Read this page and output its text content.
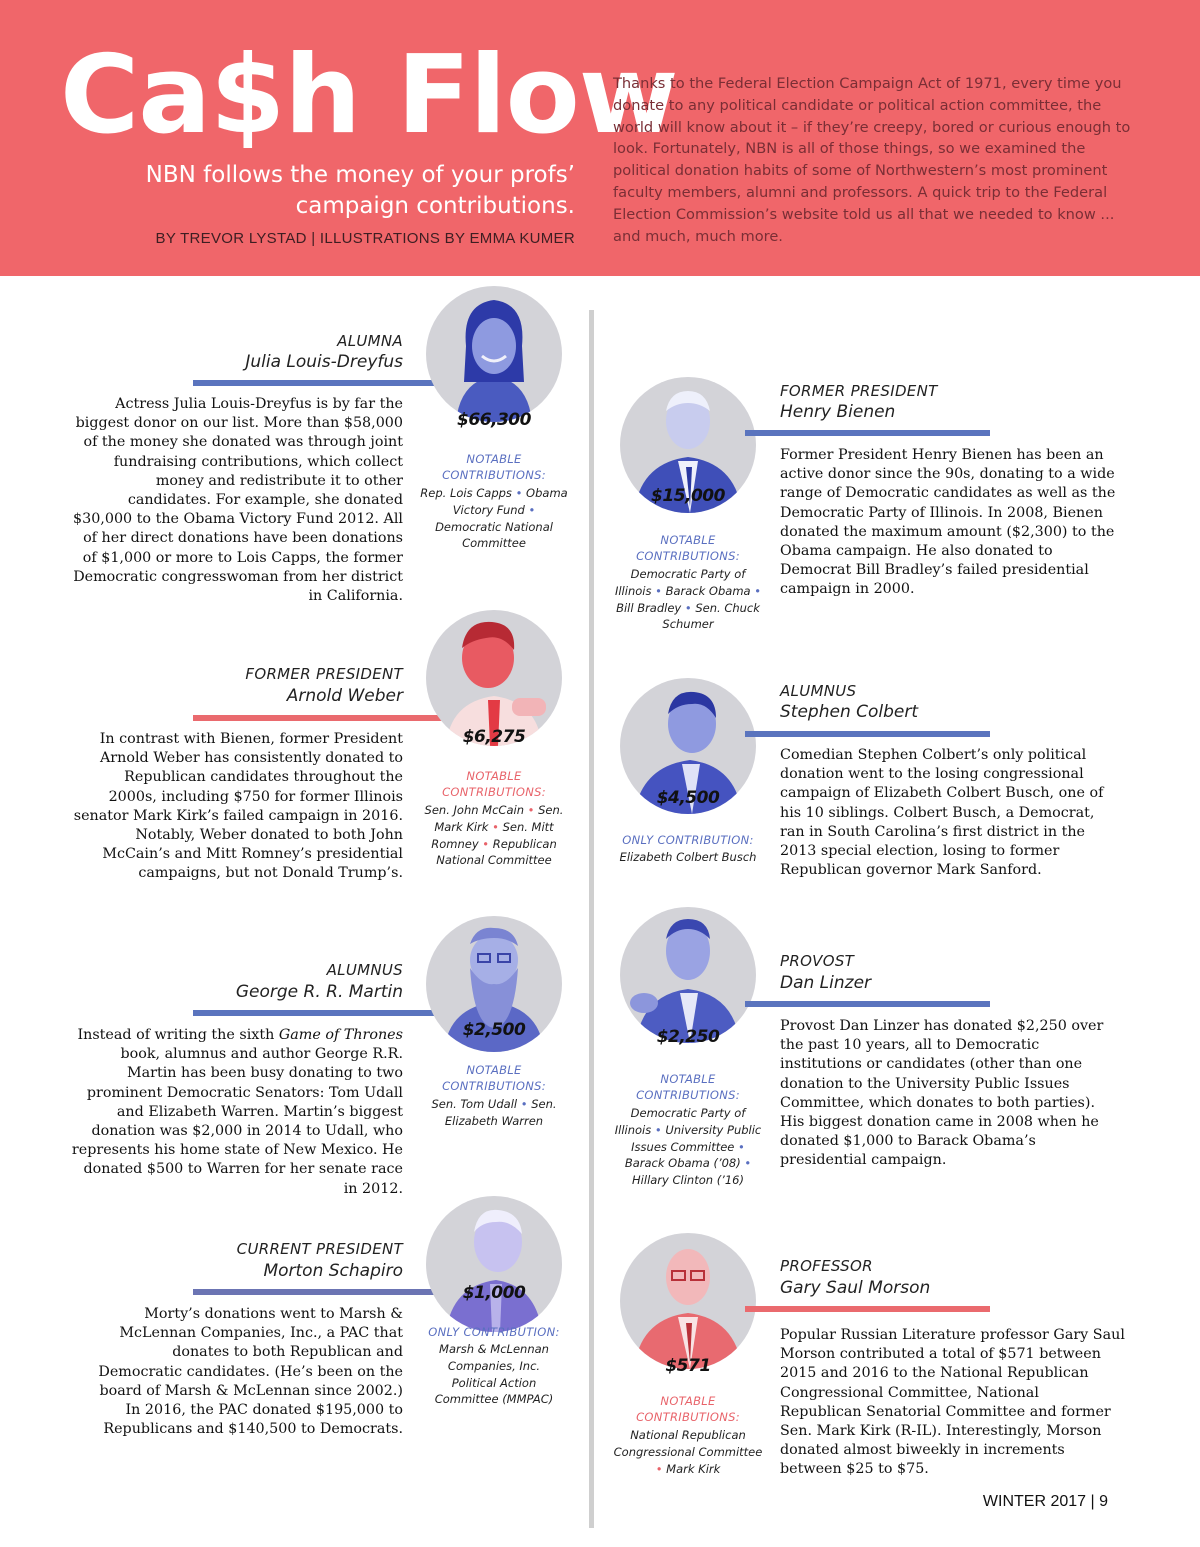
Ca$h Flow
NBN follows the money of your profs’
campaign contributions.
BY TREVOR LYSTAD | ILLUSTRATIONS BY EMMA KUMER
Thanks to the Federal Election Campaign Act of 1971, every time you donate to any political candidate or political action committee, the world will know about it – if they’re creepy, bored or curious enough to look. Fortunately, NBN is all of those things, so we examined the political donation habits of some of Northwestern’s most prominent faculty members, alumni and professors. A quick trip to the Federal Election Commission’s website told us all that we needed to know ... and much, much more.
ALUMNA
Julia Louis-Dreyfus
$66,300
NOTABLE CONTRIBUTIONS:
Rep. Lois Capps • Obama Victory Fund • Democratic National Committee
Actress Julia Louis-Dreyfus is by far the biggest donor on our list. More than $58,000 of the money she donated was through joint fundraising contributions, which collect money and redistribute it to other candidates. For example, she donated $30,000 to the Obama Victory Fund 2012. All of her direct donations have been donations of $1,000 or more to Lois Capps, the former Democratic congresswoman from her district in California.
FORMER PRESIDENT
Arnold Weber
$6,275
NOTABLE CONTRIBUTIONS:
Sen. John McCain • Sen. Mark Kirk • Sen. Mitt Romney • Republican National Committee
In contrast with Bienen, former President Arnold Weber has consistently donated to Republican candidates throughout the 2000s, including $750 for former Illinois senator Mark Kirk’s failed campaign in 2016. Notably, Weber donated to both John McCain’s and Mitt Romney’s presidential campaigns, but not Donald Trump’s.
ALUMNUS
George R. R. Martin
$2,500
NOTABLE CONTRIBUTIONS:
Sen. Tom Udall • Sen. Elizabeth Warren
Instead of writing the sixth Game of Thrones book, alumnus and author George R.R. Martin has been busy donating to two prominent Democratic Senators: Tom Udall and Elizabeth Warren. Martin’s biggest donation was $2,000 in 2014 to Udall, who represents his home state of New Mexico. He donated $500 to Warren for her senate race in 2012.
CURRENT PRESIDENT
Morton Schapiro
$1,000
ONLY CONTRIBUTION:
Marsh & McLennan Companies, Inc. Political Action Committee (MMPAC)
Morty’s donations went to Marsh & McLennan Companies, Inc., a PAC that donates to both Republican and Democratic candidates. (He’s been on the board of Marsh & McLennan since 2002.) In 2016, the PAC donated $195,000 to Republicans and $140,500 to Democrats.
$15,000
NOTABLE CONTRIBUTIONS:
Democratic Party of Illinois • Barack Obama • Bill Bradley • Sen. Chuck Schumer
FORMER PRESIDENT
Henry Bienen
Former President Henry Bienen has been an active donor since the 90s, donating to a wide range of Democratic candidates as well as the Democratic Party of Illinois. In 2008, Bienen donated the maximum amount ($2,300) to the Obama campaign. He also donated to Democrat Bill Bradley’s failed presidential campaign in 2000.
$4,500
ONLY CONTRIBUTION:
Elizabeth Colbert Busch
ALUMNUS
Stephen Colbert
Comedian Stephen Colbert’s only political donation went to the losing congressional campaign of Elizabeth Colbert Busch, one of his 10 siblings. Colbert Busch, a Democrat, ran in South Carolina’s first district in the 2013 special election, losing to former Republican governor Mark Sanford.
$2,250
NOTABLE CONTRIBUTIONS:
Democratic Party of Illinois • University Public Issues Committee • Barack Obama (’08) • Hillary Clinton (’16)
PROVOST
Dan Linzer
Provost Dan Linzer has donated $2,250 over the past 10 years, all to Democratic institutions or candidates (other than one donation to the University Public Issues Committee, which donates to both parties). His biggest donation came in 2008 when he donated $1,000 to Barack Obama’s presidential campaign.
$571
NOTABLE CONTRIBUTIONS:
National Republican Congressional Committee • Mark Kirk
PROFESSOR
Gary Saul Morson
Popular Russian Literature professor Gary Saul Morson contributed a total of $571 between 2015 and 2016 to the National Republican Congressional Committee, National Republican Senatorial Committee and former Sen. Mark Kirk (R-IL). Interestingly, Morson donated almost biweekly in increments between $25 to $75.
WINTER 2017 | 9
